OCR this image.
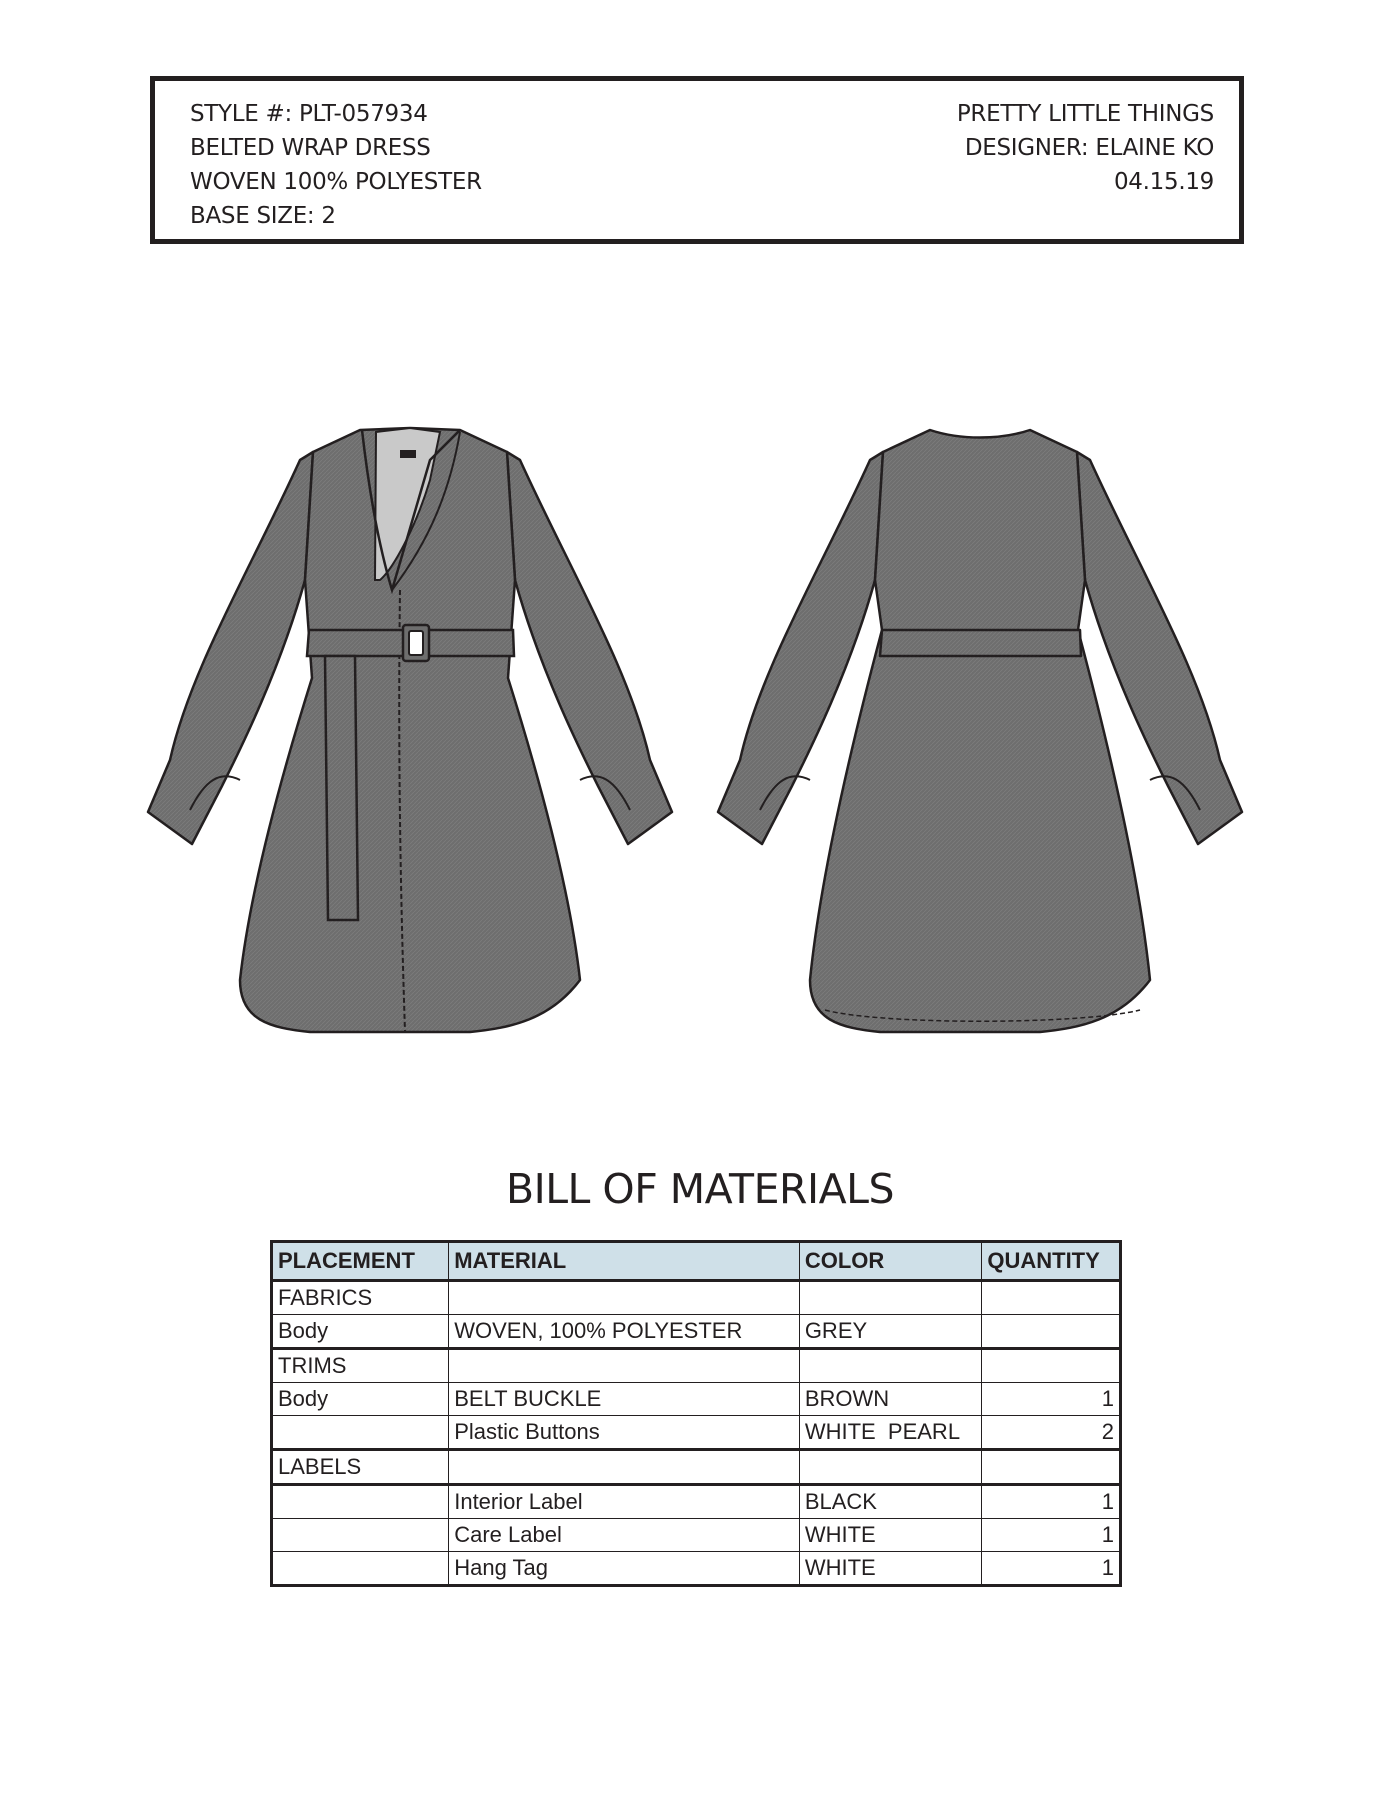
STYLE #: PLT-057934
BELTED WRAP DRESS
WOVEN 100% POLYESTER
BASE SIZE: 2
PRETTY LITTLE THINGS
DESIGNER: ELAINE KO
04.15.19
BILL OF MATERIALS
PLACEMENT	MATERIAL	COLOR	QUANTITY
FABRICS			
Body	WOVEN, 100% POLYESTER	GREY	
TRIMS			
Body	BELT BUCKLE	BROWN	1
	Plastic Buttons	WHITE  PEARL	2
LABELS			
	Interior Label	BLACK	1
	Care Label	WHITE	1
	Hang Tag	WHITE	1
